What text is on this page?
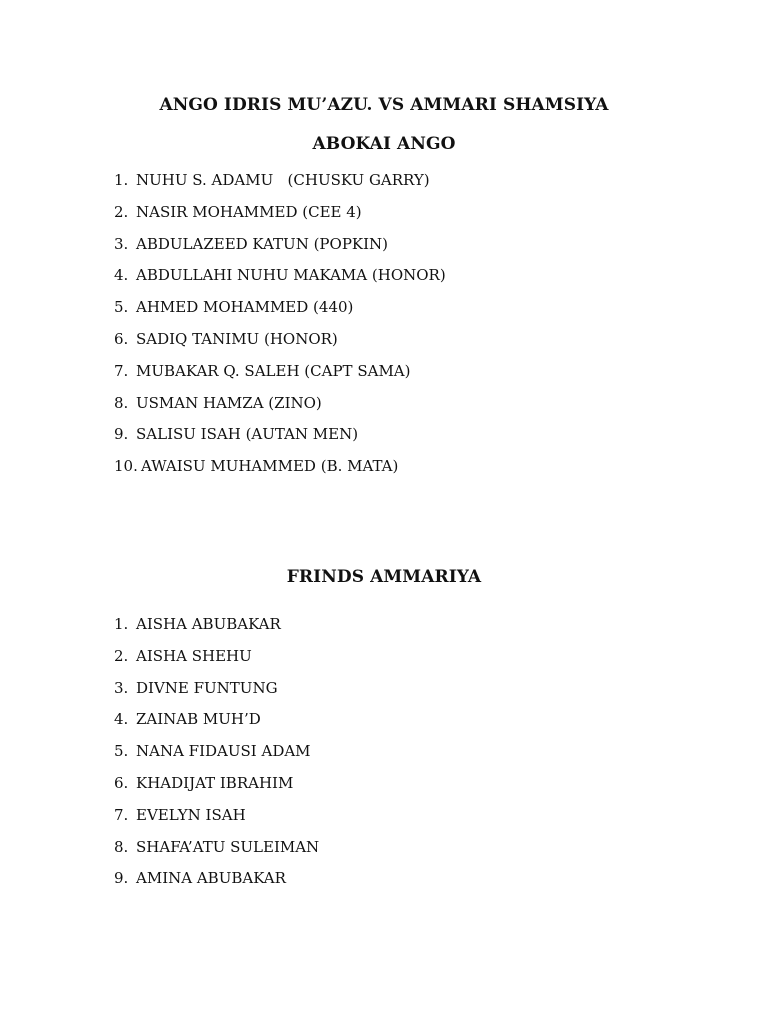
ANGO IDRIS MU’AZU. VS AMMARI SHAMSIYA
ABOKAI ANGO
1. NUHU S. ADAMU   (CHUSKU GARRY)
2. NASIR MOHAMMED (CEE 4)
3. ABDULAZEED KATUN (POPKIN)
4. ABDULLAHI NUHU MAKAMA (HONOR)
5. AHMED MOHAMMED (440)
6. SADIQ TANIMU (HONOR)
7. MUBAKAR Q. SALEH (CAPT SAMA)
8. USMAN HAMZA (ZINO)
9. SALISU ISAH (AUTAN MEN)
10. AWAISU MUHAMMED (B. MATA)
FRINDS AMMARIYA
1. AISHA ABUBAKAR
2. AISHA SHEHU
3. DIVNE FUNTUNG
4. ZAINAB MUH’D
5. NANA FIDAUSI ADAM
6. KHADIJAT IBRAHIM
7. EVELYN ISAH
8. SHAFA’ATU SULEIMAN
9. AMINA ABUBAKAR
